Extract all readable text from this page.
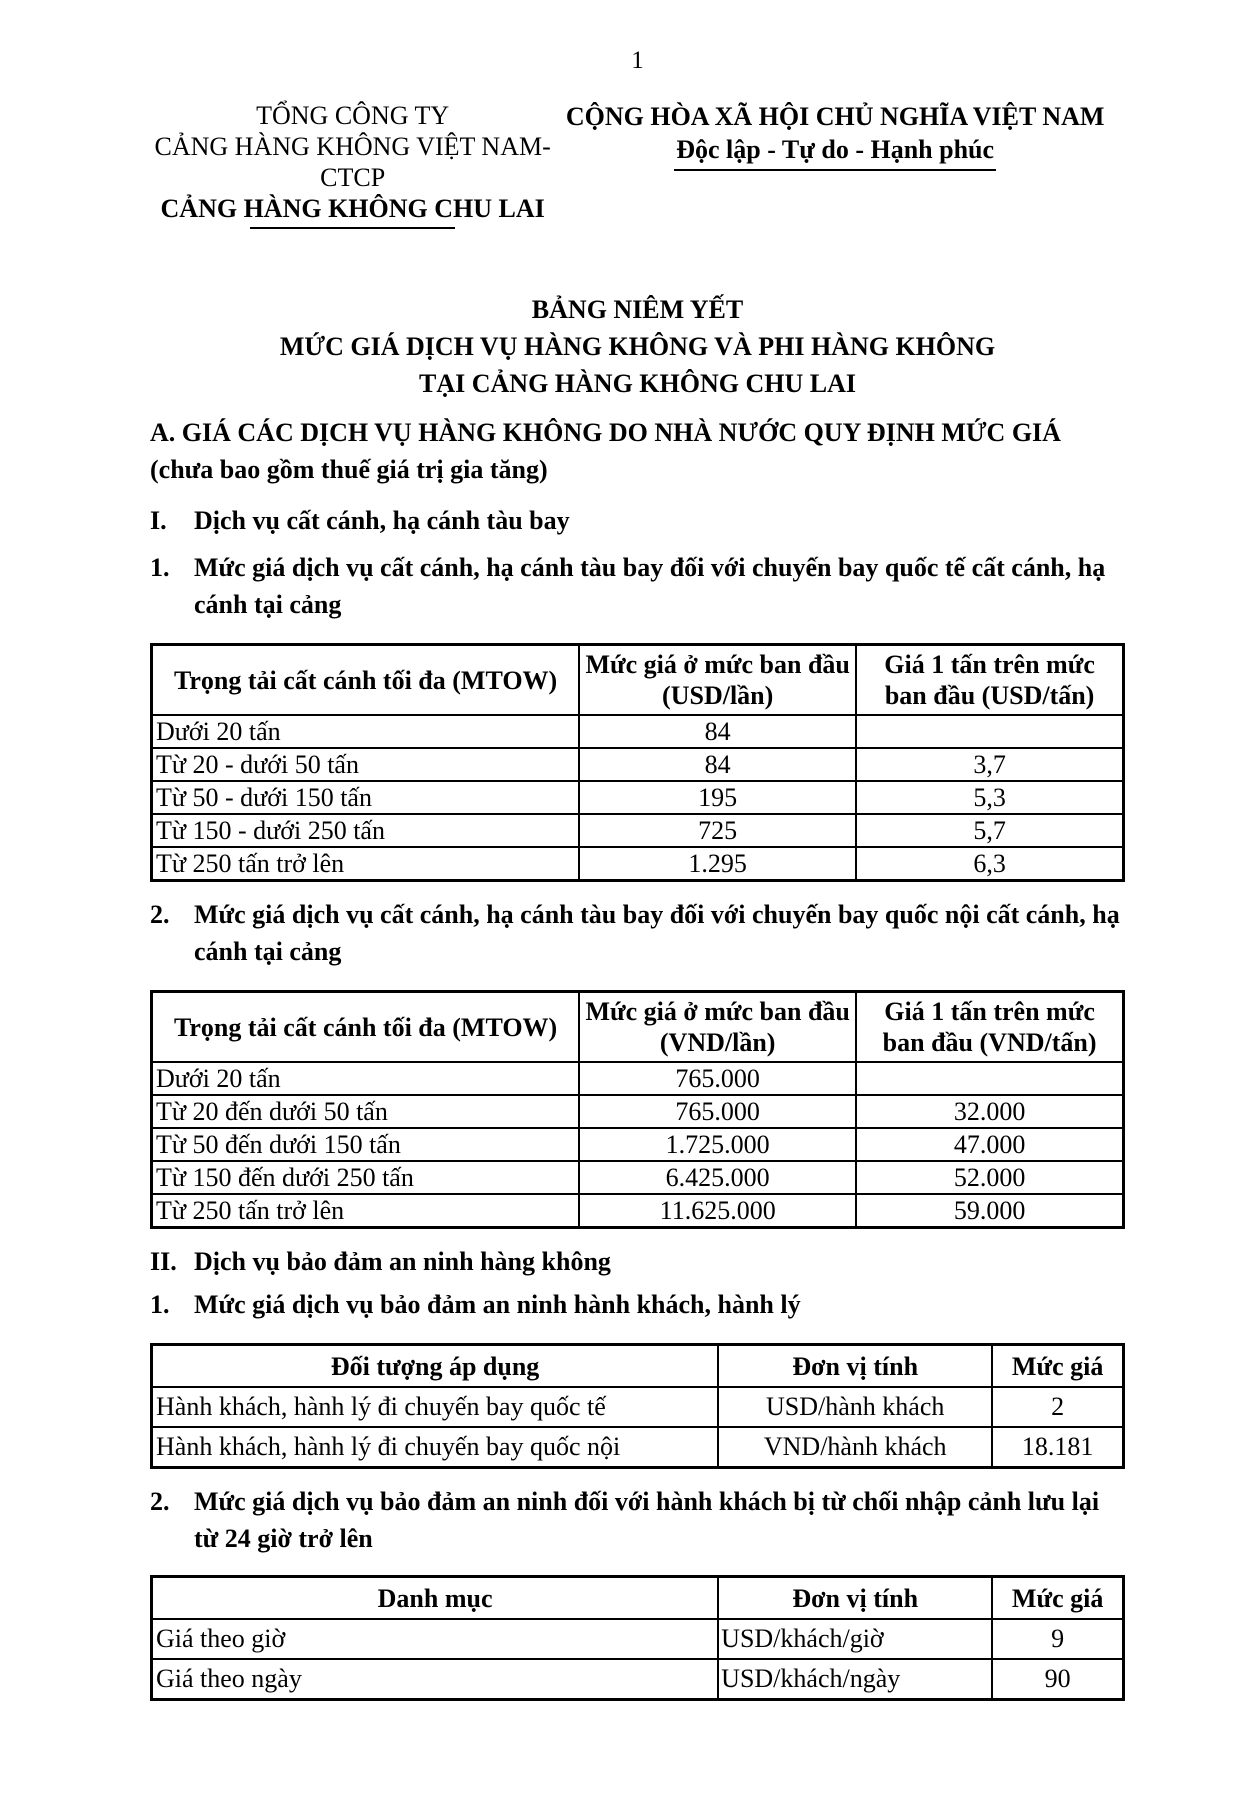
1
TỔNG CÔNG TY
CẢNG HÀNG KHÔNG VIỆT NAM-CTCP
CẢNG HÀNG KHÔNG CHU LAI
CỘNG HÒA XÃ HỘI CHỦ NGHĨA VIỆT NAM
Độc lập - Tự do - Hạnh phúc
BẢNG NIÊM YẾT
MỨC GIÁ DỊCH VỤ HÀNG KHÔNG VÀ PHI HÀNG KHÔNG
TẠI CẢNG HÀNG KHÔNG CHU LAI
A. GIÁ CÁC DỊCH VỤ HÀNG KHÔNG DO NHÀ NƯỚC QUY ĐỊNH MỨC GIÁ
(chưa bao gồm thuế giá trị gia tăng)
I.	Dịch vụ cất cánh, hạ cánh tàu bay
1. Mức giá dịch vụ cất cánh, hạ cánh tàu bay đối với chuyến bay quốc tế cất cánh, hạ cánh tại cảng
Trọng tải cất cánh tối đa (MTOW)	Mức giá ở mức ban đầu (USD/lần)	Giá 1 tấn trên mức ban đầu (USD/tấn)
Dưới 20 tấn	84	
Từ 20 - dưới 50 tấn	84	3,7
Từ 50 - dưới 150 tấn	195	5,3
Từ 150 - dưới 250 tấn	725	5,7
Từ 250 tấn trở lên	1.295	6,3
2. Mức giá dịch vụ cất cánh, hạ cánh tàu bay đối với chuyến bay quốc nội cất cánh, hạ cánh tại cảng
Trọng tải cất cánh tối đa (MTOW)	Mức giá ở mức ban đầu (VND/lần)	Giá 1 tấn trên mức ban đầu (VND/tấn)
Dưới 20 tấn	765.000	
Từ 20 đến dưới 50 tấn	765.000	32.000
Từ 50 đến dưới 150 tấn	1.725.000	47.000
Từ 150 đến dưới 250 tấn	6.425.000	52.000
Từ 250 tấn trở lên	11.625.000	59.000
II. Dịch vụ bảo đảm an ninh hàng không
1. Mức giá dịch vụ bảo đảm an ninh hành khách, hành lý
Đối tượng áp dụng	Đơn vị tính	Mức giá
Hành khách, hành lý đi chuyến bay quốc tế	USD/hành khách	2
Hành khách, hành lý đi chuyến bay quốc nội	VND/hành khách	18.181
2. Mức giá dịch vụ bảo đảm an ninh đối với hành khách bị từ chối nhập cảnh lưu lại từ 24 giờ trở lên
Danh mục	Đơn vị tính	Mức giá
Giá theo giờ	USD/khách/giờ	9
Giá theo ngày	USD/khách/ngày	90
